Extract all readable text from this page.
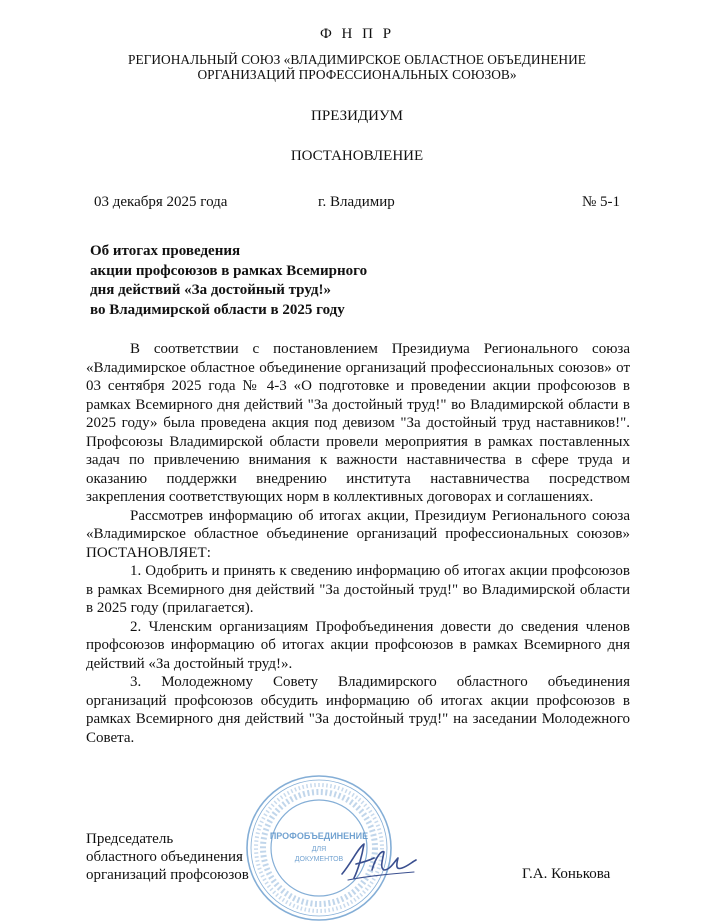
Ф Н П Р
РЕГИОНАЛЬНЫЙ СОЮЗ «ВЛАДИМИРСКОЕ ОБЛАСТНОЕ ОБЪЕДИНЕНИЕ
ОРГАНИЗАЦИЙ ПРОФЕССИОНАЛЬНЫХ СОЮЗОВ»
ПРЕЗИДИУМ
ПОСТАНОВЛЕНИЕ
03 декабря 2025 года	г. Владимир	№ 5-1
Об итогах проведения
акции профсоюзов в рамках Всемирного
дня действий «За достойный труд!»
во Владимирской области в 2025 году

В соответствии с постановлением Президиума Регионального союза «Владимирское областное объединение организаций профессиональных союзов» от 03 сентября 2025 года № 4-3 «О подготовке и проведении акции профсоюзов в рамках Всемирного дня действий "За достойный труд!" во Владимирской области в 2025 году» была проведена акция под девизом "За достойный труд наставников!". Профсоюзы Владимирской области провели мероприятия в рамках поставленных задач по привлечению внимания к важности наставничества в сфере труда и оказанию поддержки внедрению института наставничества посредством закрепления соответствующих норм в коллективных договорах и соглашениях.

Рассмотрев информацию об итогах акции, Президиум Регионального союза «Владимирское областное объединение организаций профессиональных союзов» ПОСТАНОВЛЯЕТ:

1. Одобрить и принять к сведению информацию об итогах акции профсоюзов в рамках Всемирного дня действий "За достойный труд!" во Владимирской области в 2025 году (прилагается).

2. Членским организациям Профобъединения довести до сведения членов профсоюзов информацию об итогах акции профсоюзов в рамках Всемирного дня действий «За достойный труд!».

3. Молодежному Совету Владимирского областного объединения организаций профсоюзов обсудить информацию об итогах акции профсоюзов в рамках Всемирного дня действий "За достойный труд!" на заседании Молодежного Совета.

ПРОФОБЪЕДИНЕНИЕ
ДЛЯ
ДОКУМЕНТОВ
Председатель
областного объединения
организаций профсоюзов	Г.А. Конькова
